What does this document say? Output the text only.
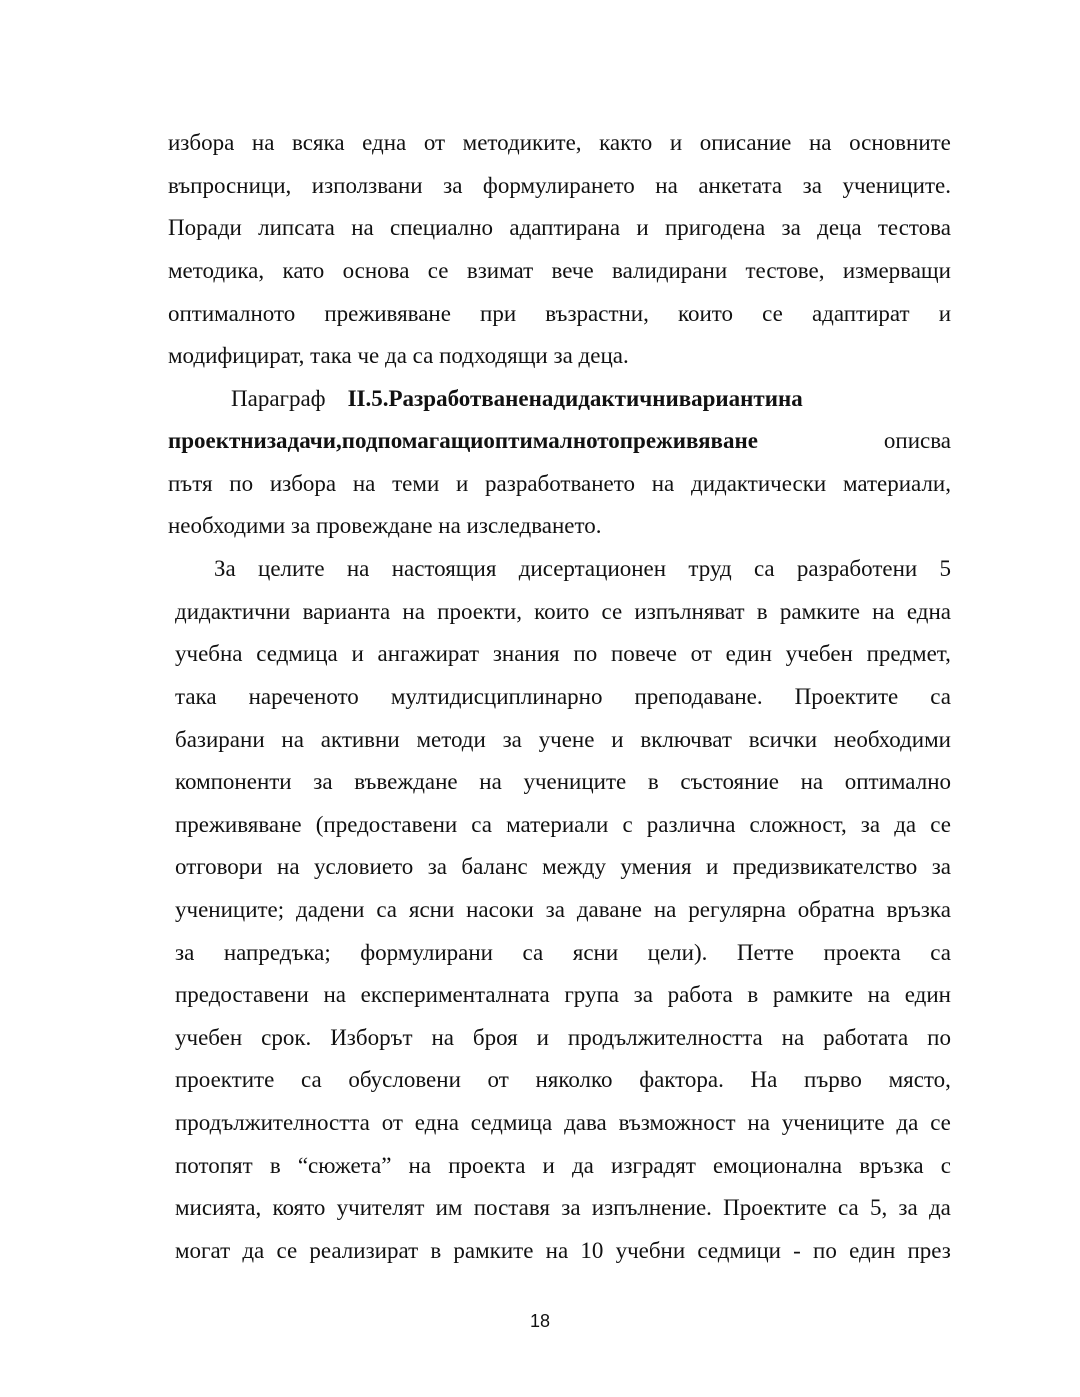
избора на всяка една от методиките, както и описание на основните
въпросници, използвани за формулирането на анкетата за учениците.
Поради липсата на специално адаптирана и пригодена за деца тестова
методика, като основа се взимат вече валидирани тестове, измерващи
оптималното преживяване при възрастни, които се адаптират и
модифицират, така че да са подходящи за деца.
Параграф II.5.Разработваненадидактичнивариантина
проектнизадачи,подпомагащиоптималнотопреживяване	описва
пътя по избора на теми и разработването на дидактически материали,
необходими за провеждане на изследването.
За целите на настоящия дисертационен труд са разработени 5
дидактични варианта на проекти, които се изпълняват в рамките на една
учебна седмица и ангажират знания по повече от един учебен предмет,
така нареченото мултидисциплинарно преподаване. Проектите са
базирани на активни методи за учене и включват всички необходими
компоненти за въвеждане на учениците в състояние на оптимално
преживяване (предоставени са материали с различна сложност, за да се
отговори на условието за баланс между умения и предизвикателство за
учениците; дадени са ясни насоки за даване на регулярна обратна връзка
за напредъка; формулирани са ясни цели). Петте проекта са
предоставени на експерименталната група за работа в рамките на един
учебен срок. Изборът на броя и продължителността на работата по
проектите са обусловени от няколко фактора. На първо място,
продължителността от една седмица дава възможност на учениците да се
потопят в “сюжета” на проекта и да изградят емоционална връзка с
мисията, която учителят им поставя за изпълнение. Проектите са 5, за да
могат да се реализират в рамките на 10 учебни седмици - по един през
18
